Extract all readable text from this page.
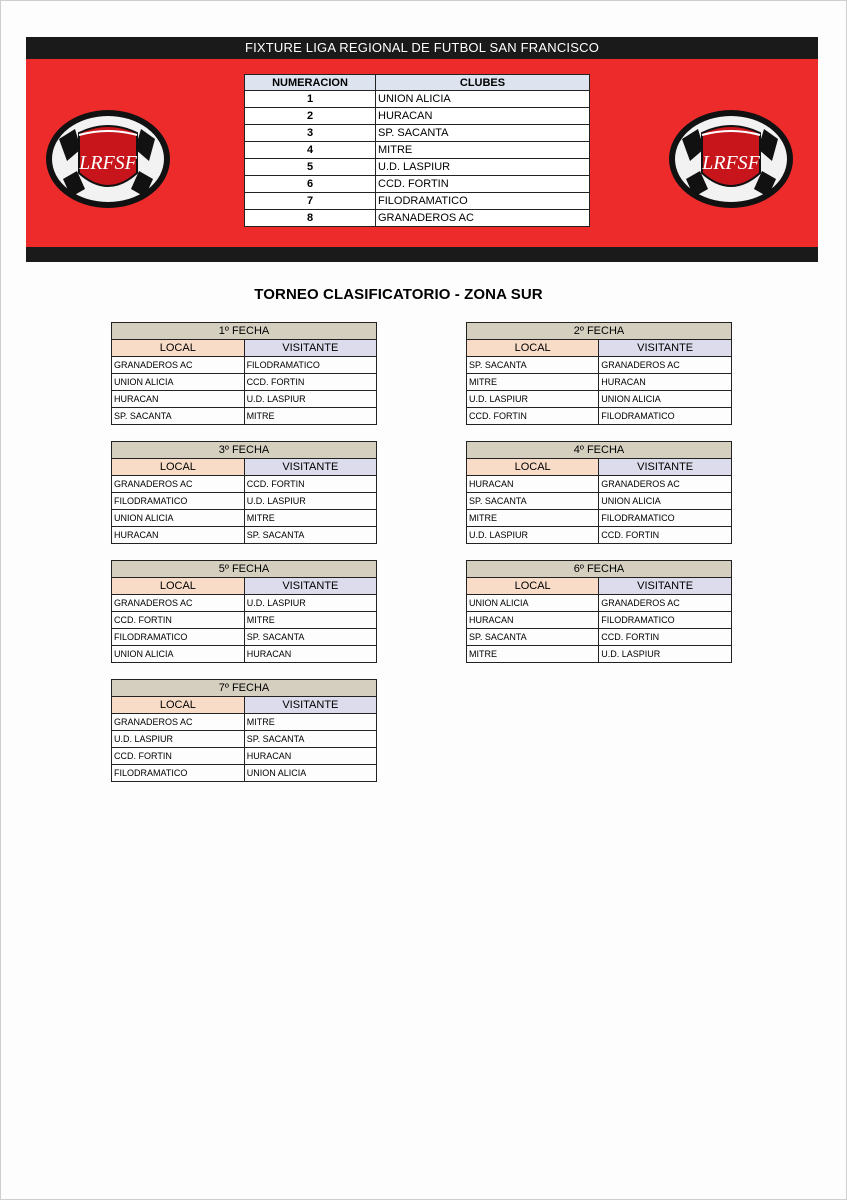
FIXTURE LIGA REGIONAL DE FUTBOL SAN FRANCISCO
LRFSF	LRFSF
NUMERACION	CLUBES
1	UNION ALICIA
2	HURACAN
3	SP. SACANTA
4	MITRE
5	U.D. LASPIUR
6	CCD. FORTIN
7	FILODRAMATICO
8	GRANADEROS AC
TORNEO CLASIFICATORIO - ZONA SUR
1º FECHA	
LOCAL	VISITANTE
GRANADEROS AC	FILODRAMATICO
UNION ALICIA	CCD. FORTIN
HURACAN	U.D. LASPIUR
SP. SACANTA	MITRE
2º FECHA	
LOCAL	VISITANTE
SP. SACANTA	GRANADEROS AC
MITRE	HURACAN
U.D. LASPIUR	UNION ALICIA
CCD. FORTIN	FILODRAMATICO
3º FECHA	
LOCAL	VISITANTE
GRANADEROS AC	CCD. FORTIN
FILODRAMATICO	U.D. LASPIUR
UNION ALICIA	MITRE
HURACAN	SP. SACANTA
4º FECHA	
LOCAL	VISITANTE
HURACAN	GRANADEROS AC
SP. SACANTA	UNION ALICIA
MITRE	FILODRAMATICO
U.D. LASPIUR	CCD. FORTIN
5º FECHA	
LOCAL	VISITANTE
GRANADEROS AC	U.D. LASPIUR
CCD. FORTIN	MITRE
FILODRAMATICO	SP. SACANTA
UNION ALICIA	HURACAN
6º FECHA	
LOCAL	VISITANTE
UNION ALICIA	GRANADEROS AC
HURACAN	FILODRAMATICO
SP. SACANTA	CCD. FORTIN
MITRE	U.D. LASPIUR
7º FECHA	
LOCAL	VISITANTE
GRANADEROS AC	MITRE
U.D. LASPIUR	SP. SACANTA
CCD. FORTIN	HURACAN
FILODRAMATICO	UNION ALICIA
